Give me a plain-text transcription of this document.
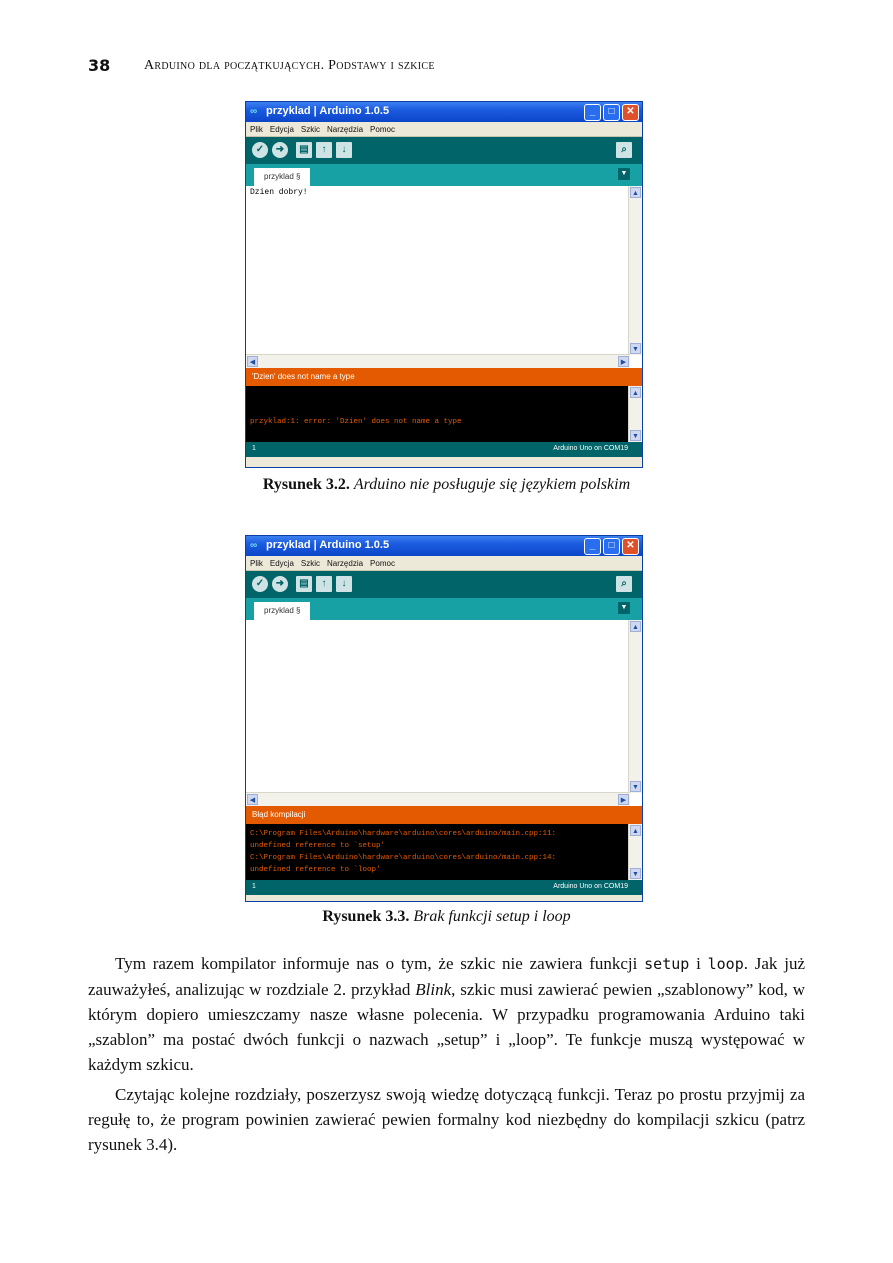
38 Arduino dla początkujących. Podstawy i szkice
∞ przyklad | Arduino 1.0.5	_	□	✕
Plik Edycja Szkic Narzędzia Pomoc
✓	➜	▤	↑	↓	⌕
przyklad §	▼
Dzien dobry!	▲
▼
◀	▶
'Dzien' does not name a type
przyklad:1: error: 'Dzien' does not name a type
▲
▼
1	Arduino Uno on COM19
Rysunek 3.2. Arduino nie posługuje się językiem polskim
∞ przyklad | Arduino 1.0.5	_	□	✕
Plik Edycja Szkic Narzędzia Pomoc
✓	➜	▤	↑	↓	⌕
przyklad §	▼
▲
▼
◀	▶
Błąd kompilacji
C:\Program Files\Arduino\hardware\arduino\cores\arduino/main.cpp:11:
undefined reference to `setup'
C:\Program Files\Arduino\hardware\arduino\cores\arduino/main.cpp:14:
undefined reference to `loop'
▲
▼
1	Arduino Uno on COM19
Rysunek 3.3. Brak funkcji setup i loop

Tym razem kompilator informuje nas o tym, że szkic nie zawiera funkcji setup i loop. Jak już zauważyłeś, analizując w rozdziale 2. przykład Blink, szkic musi zawierać pewien „szablonowy” kod, w którym dopiero umieszczamy nasze własne polecenia. W przypadku programowania Arduino taki „szablon” ma postać dwóch funkcji o nazwach „setup” i „loop”. Te funkcje muszą występować w każdym szkicu.

Czytając kolejne rozdziały, poszerzysz swoją wiedzę dotyczącą funkcji. Teraz po prostu przyjmij za regułę to, że program powinien zawierać pewien formalny kod niezbędny do kompilacji szkicu (patrz rysunek 3.4).
